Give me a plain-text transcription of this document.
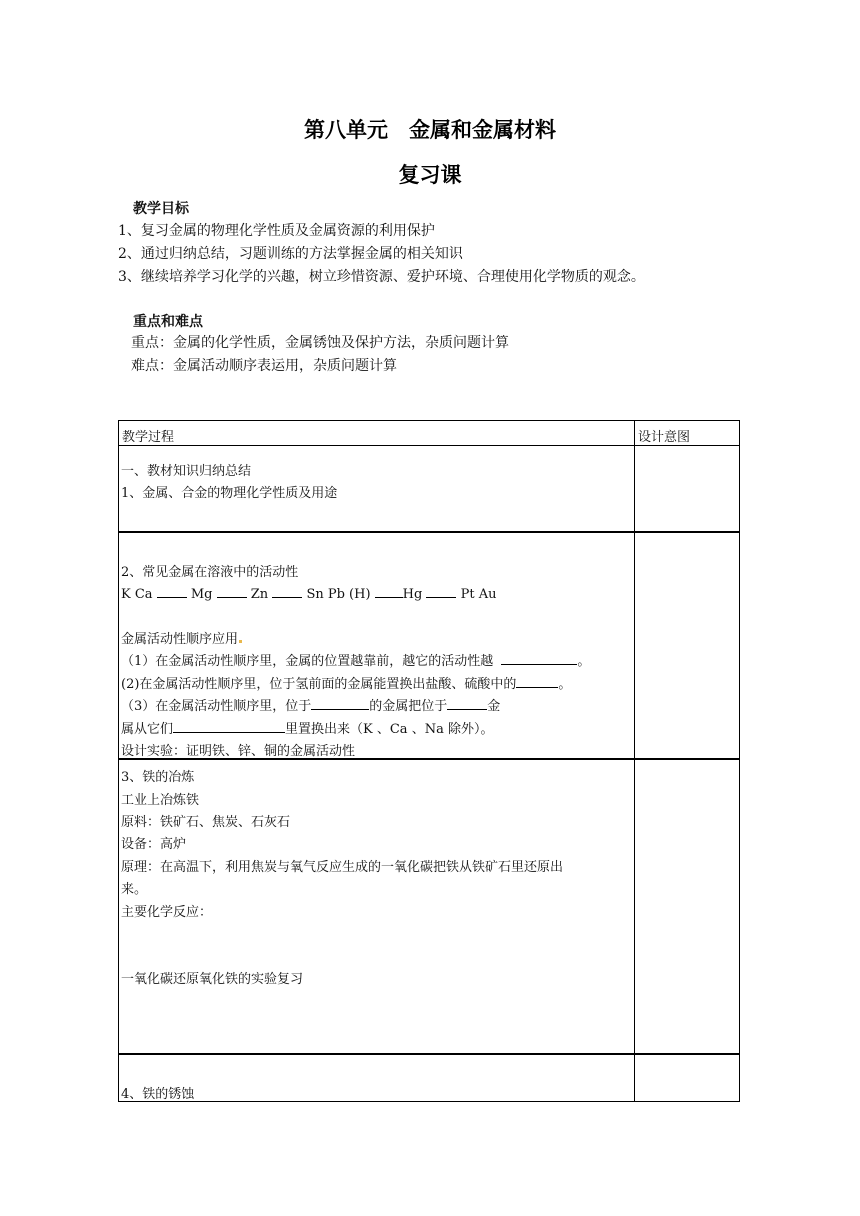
第八单元　金属和金属材料
复习课
教学目标
1、复习金属的物理化学性质及金属资源的利用保护
2、通过归纳总结，习题训练的方法掌握金属的相关知识
3、继续培养学习化学的兴趣，树立珍惜资源、爱护环境、合理使用化学物质的观念。
重点和难点
重点：金属的化学性质，金属锈蚀及保护方法，杂质问题计算
难点：金属活动顺序表运用，杂质问题计算
教学过程	设计意图
一、教材知识归纳总结
1、金属、合金的物理化学性质及用途
2、常见金属在溶液中的活动性
K Ca	Mg	Zn	Sn Pb (H) Hg	Pt Au
金属活动性顺序应用
（1）在金属活动性顺序里，金属的位置越靠前，越它的活动性越	。
(2)在金属活动性顺序里，位于氢前面的金属能置换出盐酸、硫酸中的	。
（3）在金属活动性顺序里，位于	的金属把位于	金
属从它们	里置换出来（K 、Ca 、Na 除外）。
设计实验：证明铁、锌、铜的金属活动性
3、铁的冶炼
工业上冶炼铁
原料：铁矿石、焦炭、石灰石
设备：高炉
原理：在高温下，利用焦炭与氧气反应生成的一氧化碳把铁从铁矿石里还原出
来。
主要化学反应：
一氧化碳还原氧化铁的实验复习
4、铁的锈蚀
